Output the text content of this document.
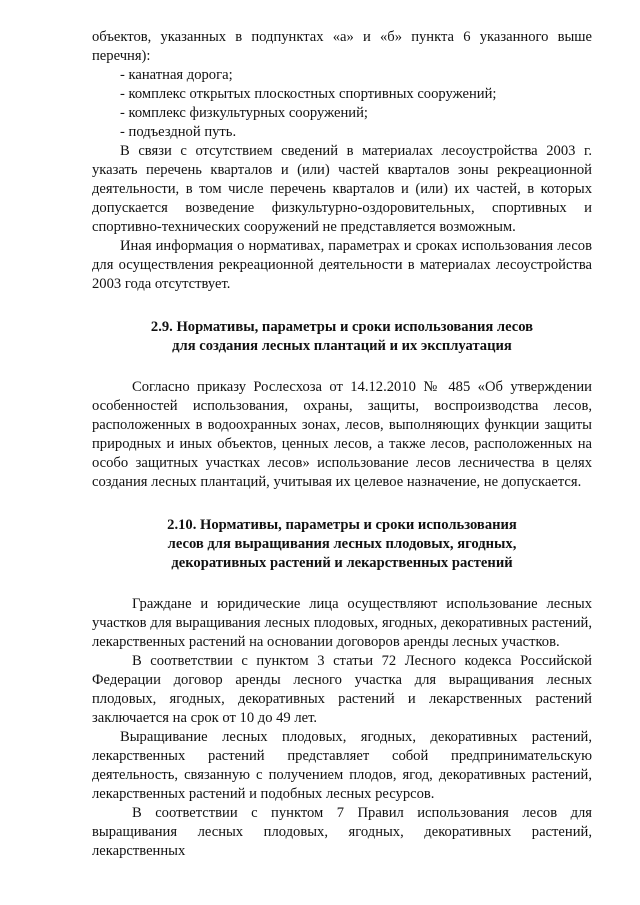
объектов, указанных в подпунктах «а» и «б» пункта 6 указанного выше перечня):

- канатная дорога;

- комплекс открытых плоскостных спортивных сооружений;

- комплекс физкультурных сооружений;

- подъездной путь.

В связи с отсутствием сведений в материалах лесоустройства 2003 г. указать перечень кварталов и (или) частей кварталов зоны рекреационной деятельности, в том числе перечень кварталов и (или) их частей, в которых допускается возведение физкультурно-оздоровительных, спортивных и спортивно-технических сооружений не представляется возможным.

Иная информация о нормативах, параметрах и сроках использования лесов для осуществления рекреационной деятельности в материалах лесоустройства 2003 года отсутствует.

2.9. Нормативы, параметры и сроки использования лесов
для создания лесных плантаций и их эксплуатация

Согласно приказу Рослесхоза от 14.12.2010 № 485 «Об утверждении особенностей использования, охраны, защиты, воспроизводства лесов, расположенных в водоохранных зонах, лесов, выполняющих функции защиты природных и иных объектов, ценных лесов, а также лесов, расположенных на особо защитных участках лесов» использование лесов лесничества в целях создания лесных плантаций, учитывая их целевое назначение, не допускается.

2.10. Нормативы, параметры и сроки использования
лесов для выращивания лесных плодовых, ягодных,
декоративных растений и лекарственных растений

Граждане и юридические лица осуществляют использование лесных участков для выращивания лесных плодовых, ягодных, декоративных растений, лекарственных растений на основании договоров аренды лесных участков.

В соответствии с пунктом 3 статьи 72 Лесного кодекса Российской Федерации договор аренды лесного участка для выращивания лесных плодовых, ягодных, декоративных растений и лекарственных растений заключается на срок от 10 до 49 лет.

Выращивание лесных плодовых, ягодных, декоративных растений, лекарственных растений представляет собой предпринимательскую деятельность, связанную с получением плодов, ягод, декоративных растений, лекарственных растений и подобных лесных ресурсов.

В соответствии с пунктом 7 Правил использования лесов для выращивания лесных плодовых, ягодных, декоративных растений, лекарственных
